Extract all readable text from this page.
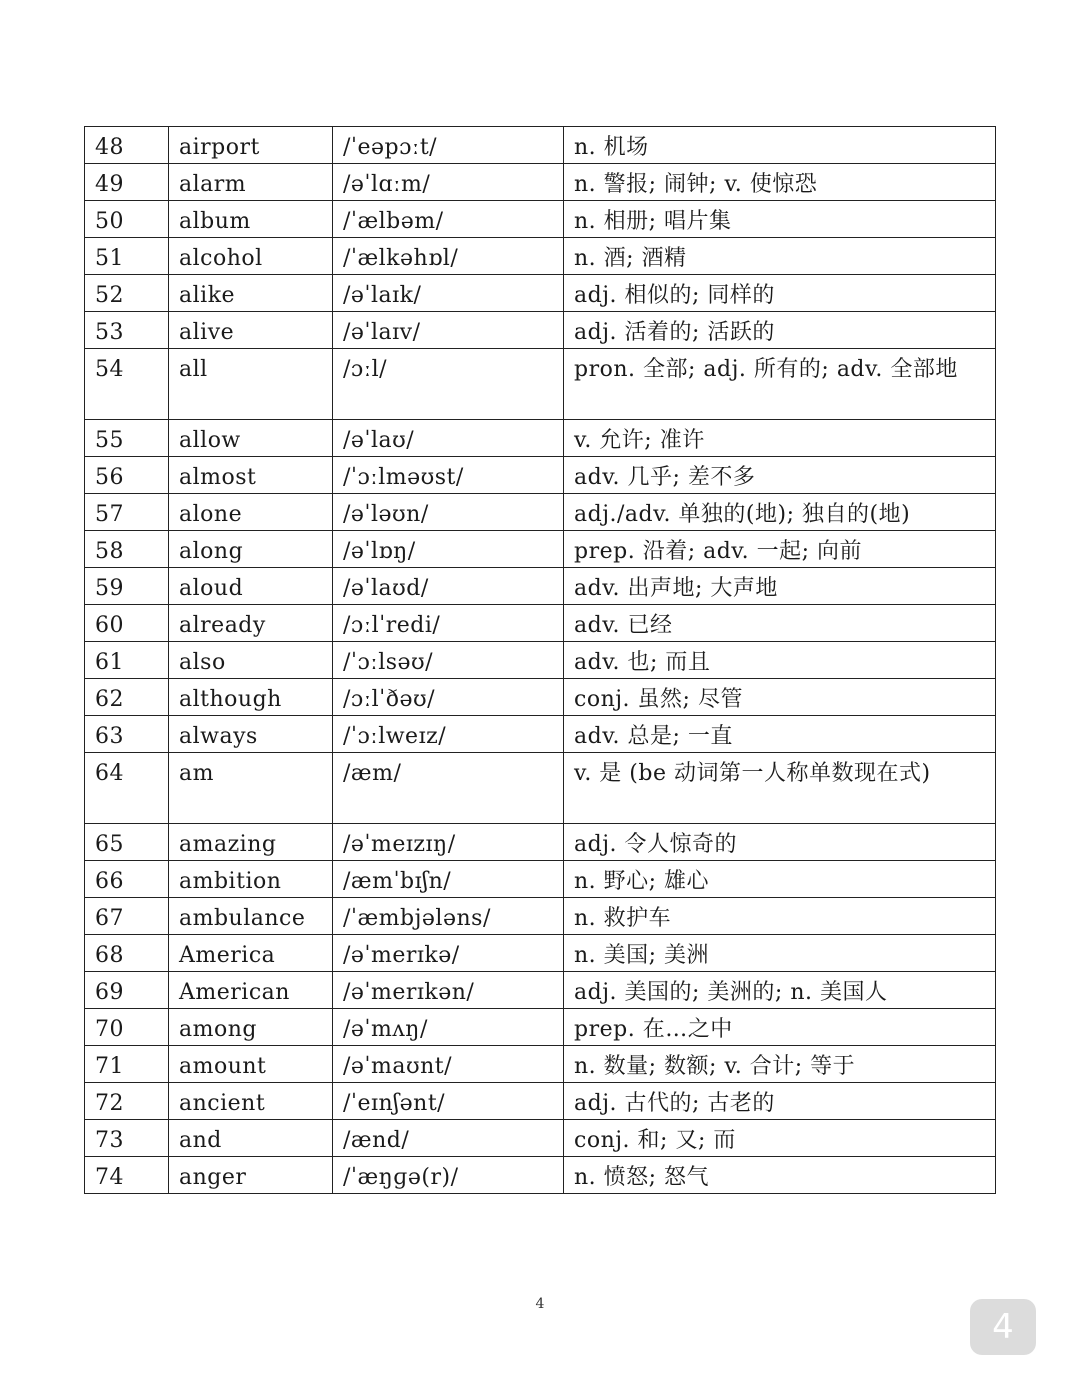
48	airport	/ˈeəpɔːt/	n. 机场
49	alarm	/əˈlɑːm/	n. 警报; 闹钟; v. 使惊恐
50	album	/ˈælbəm/	n. 相册; 唱片集
51	alcohol	/ˈælkəhɒl/	n. 酒; 酒精
52	alike	/əˈlaɪk/	adj. 相似的; 同样的
53	alive	/əˈlaɪv/	adj. 活着的; 活跃的
54	all	/ɔːl/	pron. 全部; adj. 所有的; adv. 全部地
55	allow	/əˈlaʊ/	v. 允许; 准许
56	almost	/ˈɔːlməʊst/	adv. 几乎; 差不多
57	alone	/əˈləʊn/	adj./adv. 单独的(地); 独自的(地)
58	along	/əˈlɒŋ/	prep. 沿着; adv. 一起; 向前
59	aloud	/əˈlaʊd/	adv. 出声地; 大声地
60	already	/ɔːlˈredi/	adv. 已经
61	also	/ˈɔːlsəʊ/	adv. 也; 而且
62	although	/ɔːlˈðəʊ/	conj. 虽然; 尽管
63	always	/ˈɔːlweɪz/	adv. 总是; 一直
64	am	/æm/	v. 是 (be 动词第一人称单数现在式)
65	amazing	/əˈmeɪzɪŋ/	adj. 令人惊奇的
66	ambition	/æmˈbɪʃn/	n. 野心; 雄心
67	ambulance	/ˈæmbjələns/	n. 救护车
68	America	/əˈmerɪkə/	n. 美国; 美洲
69	American	/əˈmerɪkən/	adj. 美国的; 美洲的; n. 美国人
70	among	/əˈmʌŋ/	prep. 在…之中
71	amount	/əˈmaʊnt/	n. 数量; 数额; v. 合计; 等于
72	ancient	/ˈeɪnʃənt/	adj. 古代的; 古老的
73	and	/ænd/	conj. 和; 又; 而
74	anger	/ˈæŋɡə(r)/	n. 愤怒; 怒气
4
4
